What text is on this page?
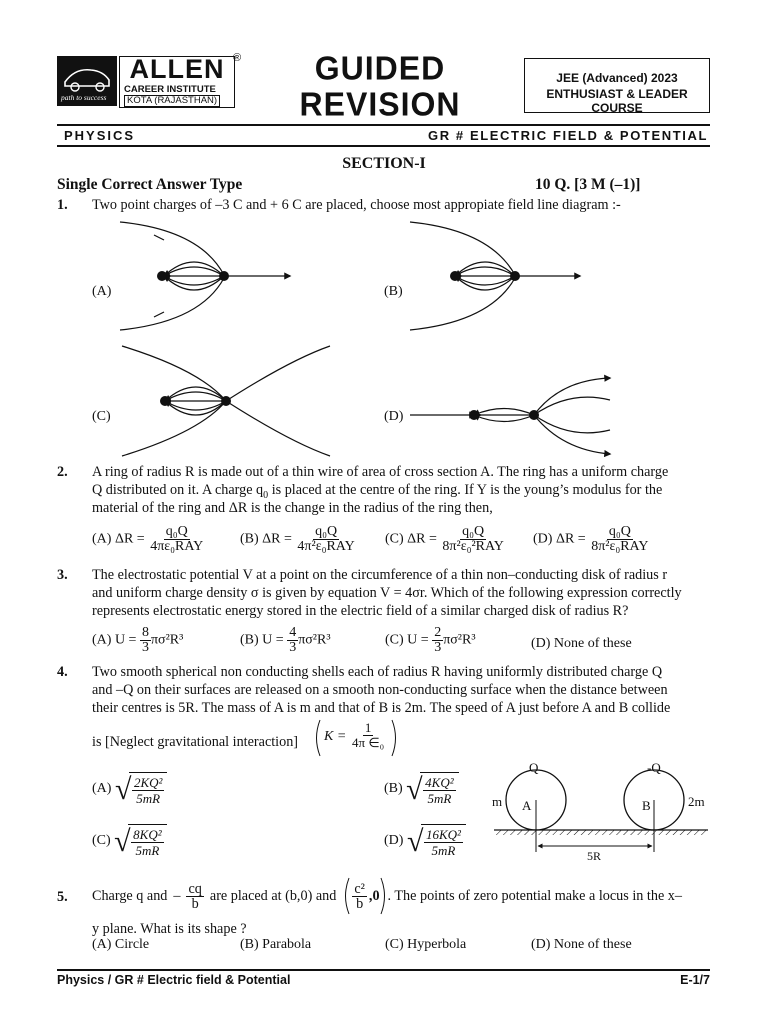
path to success
ALLEN
CAREER INSTITUTE
KOTA (RAJASTHAN)
®	GUIDED
REVISION
JEE (Advanced) 2023
ENTHUSIAST & LEADER COURSE
PHYSICS	GR # ELECTRIC FIELD & POTENTIAL
SECTION-I
Single Correct Answer Type	10 Q. [3 M (–1)]
1. Two point charges of –3 C and + 6 C are placed, choose most appropiate field line diagram :-
(A)	(B)
(C)	(D)
2. A ring of radius R is made out of a thin wire of area of cross section A. The ring has a uniform charge
Q distributed on it. A charge $q_0$ is placed at the centre of the ring. If Y is the young’s modulus for the
material of the ring and ΔR is the change in the radius of the ring then,
(A) $\Delta R = \frac{\text{q₀Q}}{\text{4πε₀RAY}} (B) \Delta R = \frac{\text{q₀Q}}{\text{4π²ε₀RAY}} (C) \Delta R = \frac{\text{q₀Q}}{\text{8π²ε₀²RAY}} (D) \Delta R = \frac{\text{q₀Q}}{\text{8π²ε₀RAY}}$
3. The electrostatic potential V at a point on the circumference of a thin non–conducting disk of radius r
and uniform charge density σ is given by equation V = 4σr. Which of the following expression correctly
represents electrostatic energy stored in the electric field of a similar charged disk of radius R?
(A) $U = \frac{8}{3} \pi\sigma^2R^3$	(B) $U = \frac{4}{3} \pi\sigma^2R^3$	(C) $U = \frac{2}{3} \pi\sigma^2R^3$	(D) None of these
4. Two smooth spherical non conducting shells each of radius R having uniformly distributed charge Q
and –Q on their surfaces are released on a smooth non-conducting surface when the distance between
their centres is 5R. The mass of A is m and that of B is 2m. The speed of A just before A and B collide
is [Neglect gravitational interaction] $K = \frac{1}{\text{4π ∈₀}}$
(A) √
$\frac{\text{2KQ²}}{5mR}$	(B) √
$\frac{\text{4KQ²}}{5mR}$
(C) √
$\frac{\text{8KQ²}}{5mR}$	(D) √
$\frac{\text{16KQ²}}{5mR}$
Q	-Q
m	2m
A	B
5R
5. Charge q and – $\frac{cq}{b}$ are placed at (b,0) and $\frac{\text{c²}}{b} ,0$ . The points of zero potential make a locus in the x–
y plane. What is its shape ?
(A) Circle	(B) Parabola	(C) Hyperbola	(D) None of these
Physics / GR # Electric field & Potential	E-1/7
